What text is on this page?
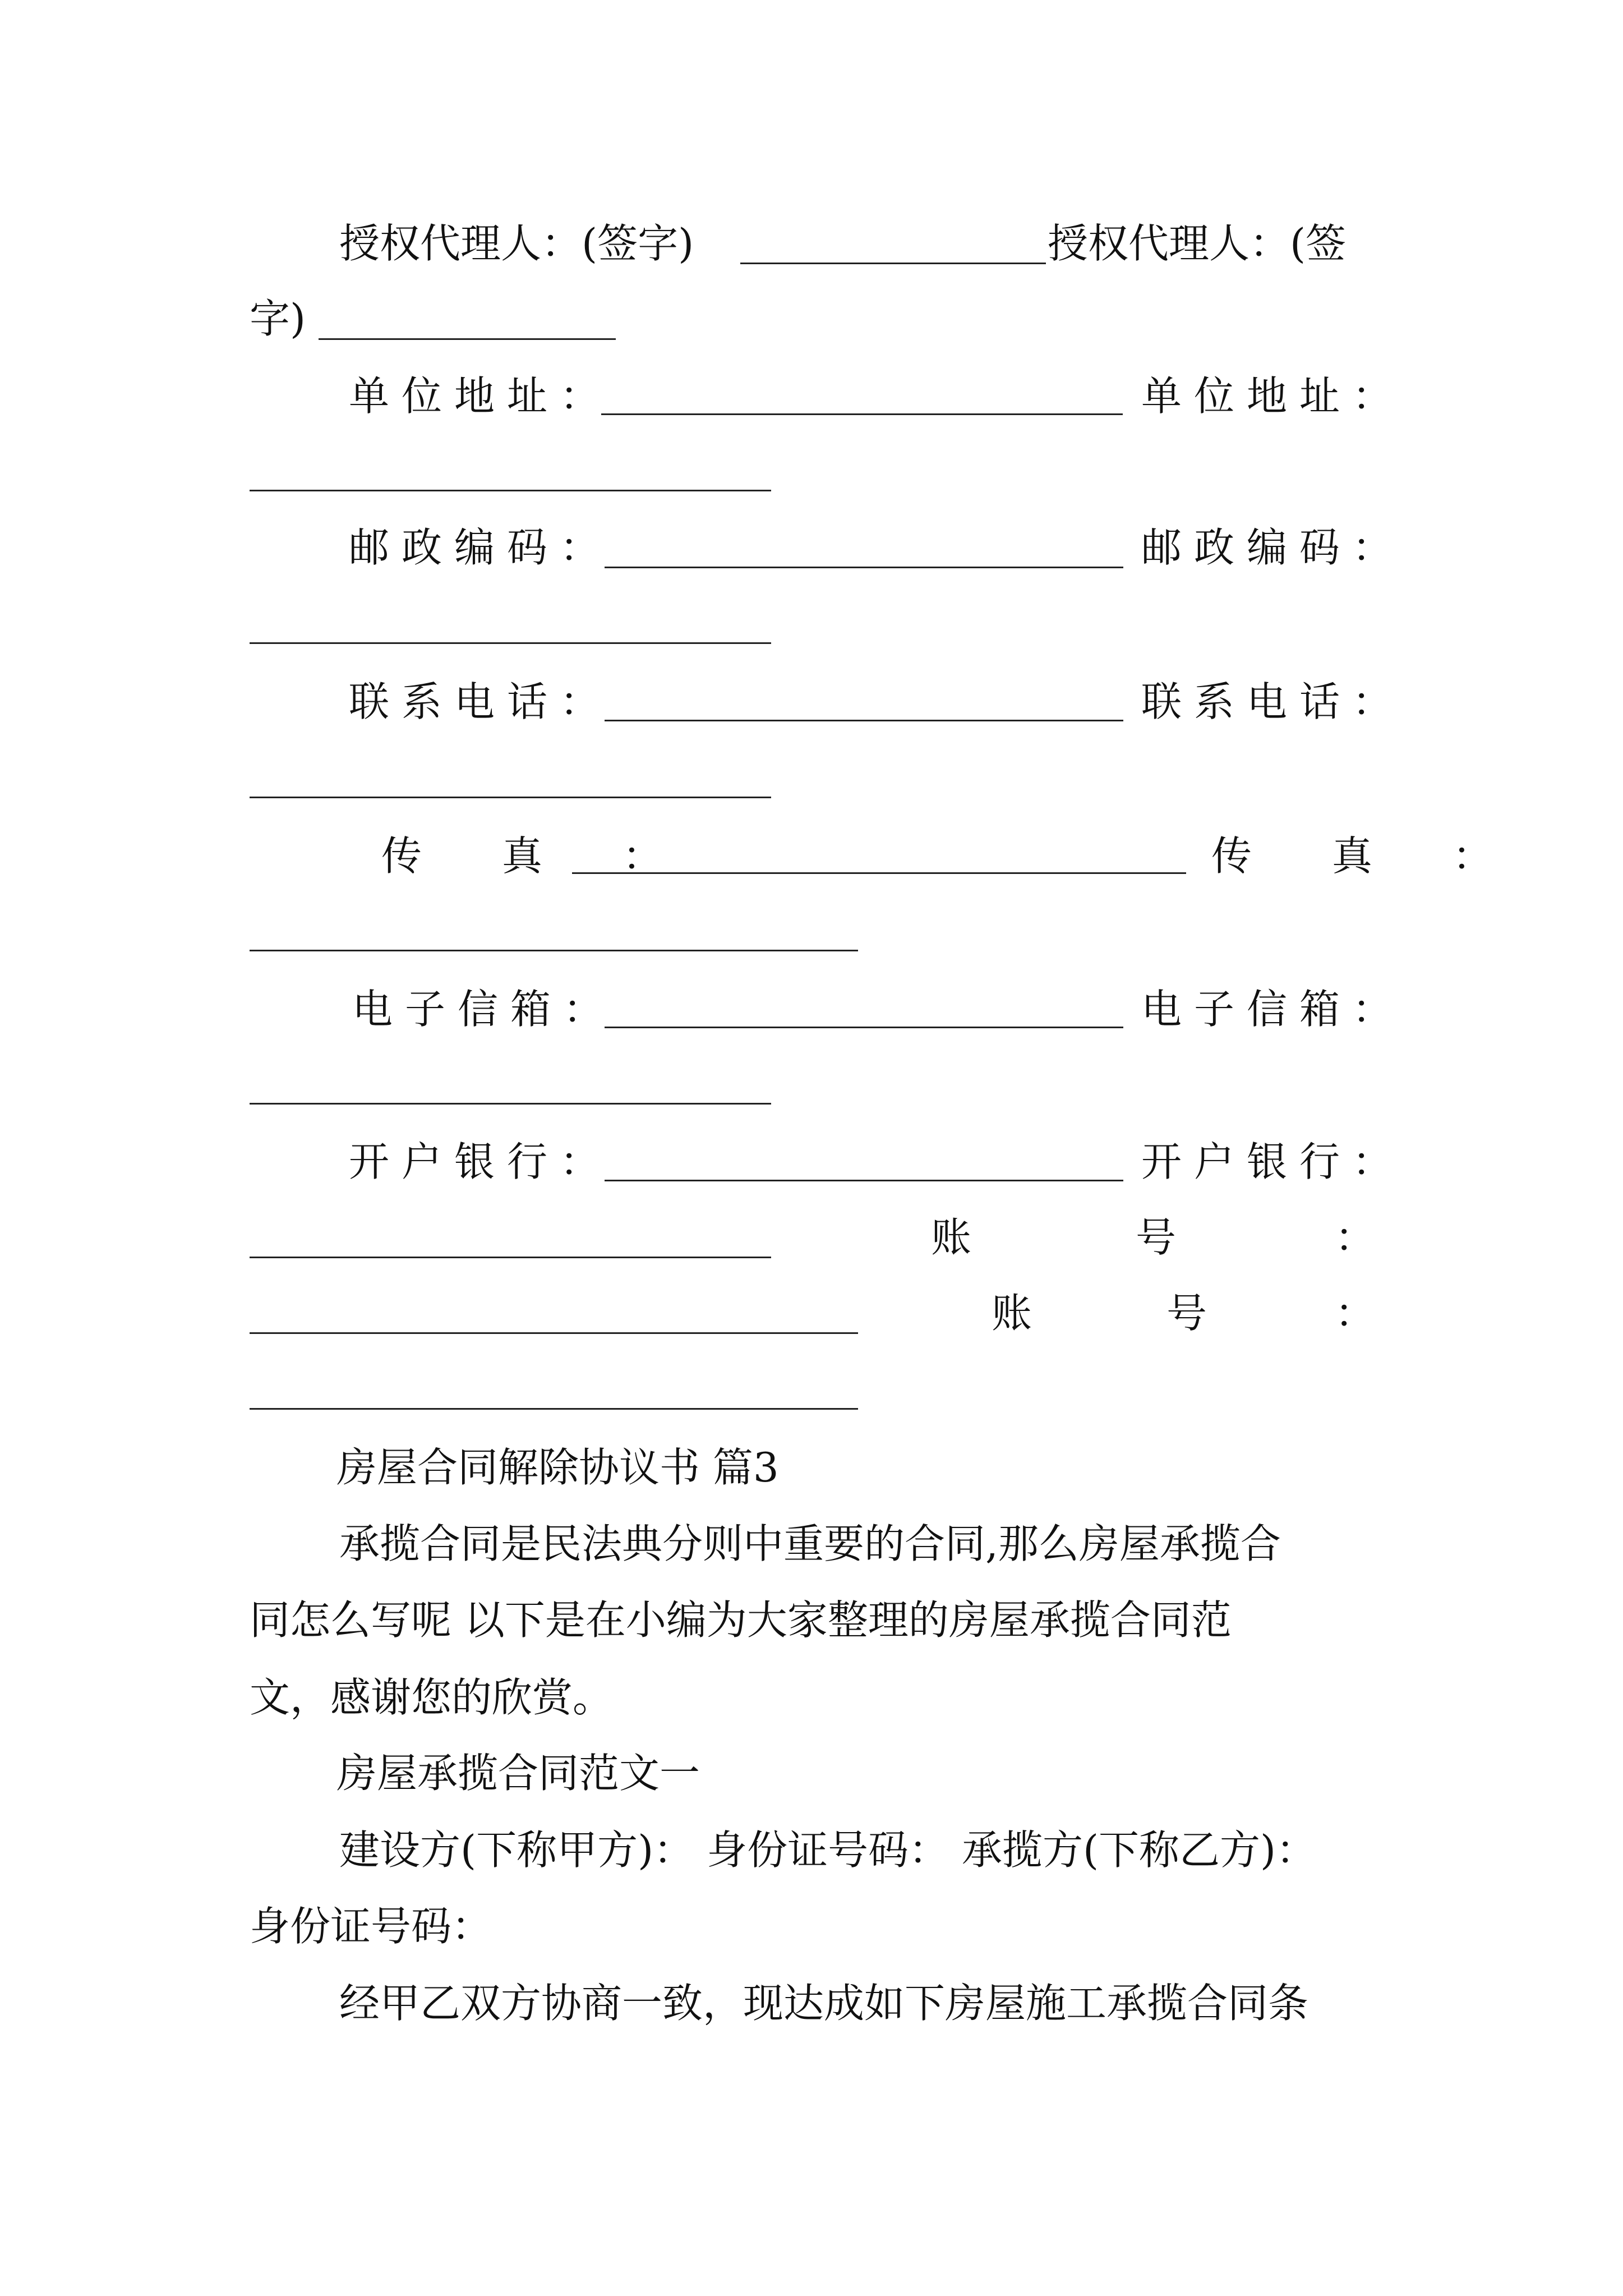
授权代理人：(签字)	授权代理人：(签
字)
单位地址：	单位地址：
邮政编码：	邮政编码：
联系电话：	联系电话：
传 真 ：	传 真 ：
电子信箱：	电子信箱：
开户银行：	开户银行：
账	号	：
账	号	：
房屋合同解除协议书 篇3
承揽合同是民法典分则中重要的合同,那么房屋承揽合
同怎么写呢 以下是在小编为大家整理的房屋承揽合同范
文，感谢您的欣赏。
房屋承揽合同范文一
建设方(下称甲方)： 身份证号码： 承揽方(下称乙方)：
身份证号码：
经甲乙双方协商一致，现达成如下房屋施工承揽合同条
